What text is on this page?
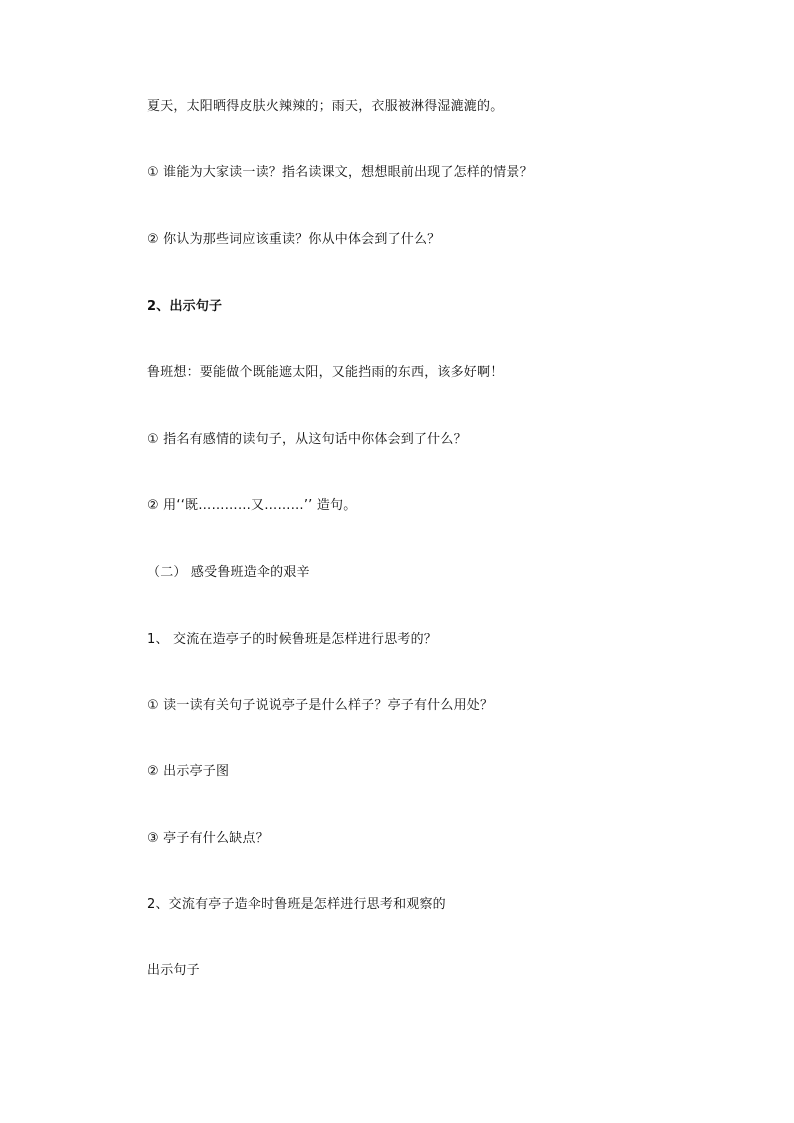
夏天，太阳晒得皮肤火辣辣的；雨天，衣服被淋得湿漉漉的。
① 谁能为大家读一读？指名读课文，想想眼前出现了怎样的情景？
② 你认为那些词应该重读？你从中体会到了什么？
2、出示句子
鲁班想：要能做个既能遮太阳，又能挡雨的东西，该多好啊！
① 指名有感情的读句子，从这句话中你体会到了什么？
② 用‘‘既…………又………’’ 造句。
（二） 感受鲁班造伞的艰辛
1、 交流在造亭子的时候鲁班是怎样进行思考的？
① 读一读有关句子说说亭子是什么样子？亭子有什么用处？
② 出示亭子图
③ 亭子有什么缺点？
2、交流有亭子造伞时鲁班是怎样进行思考和观察的
出示句子
